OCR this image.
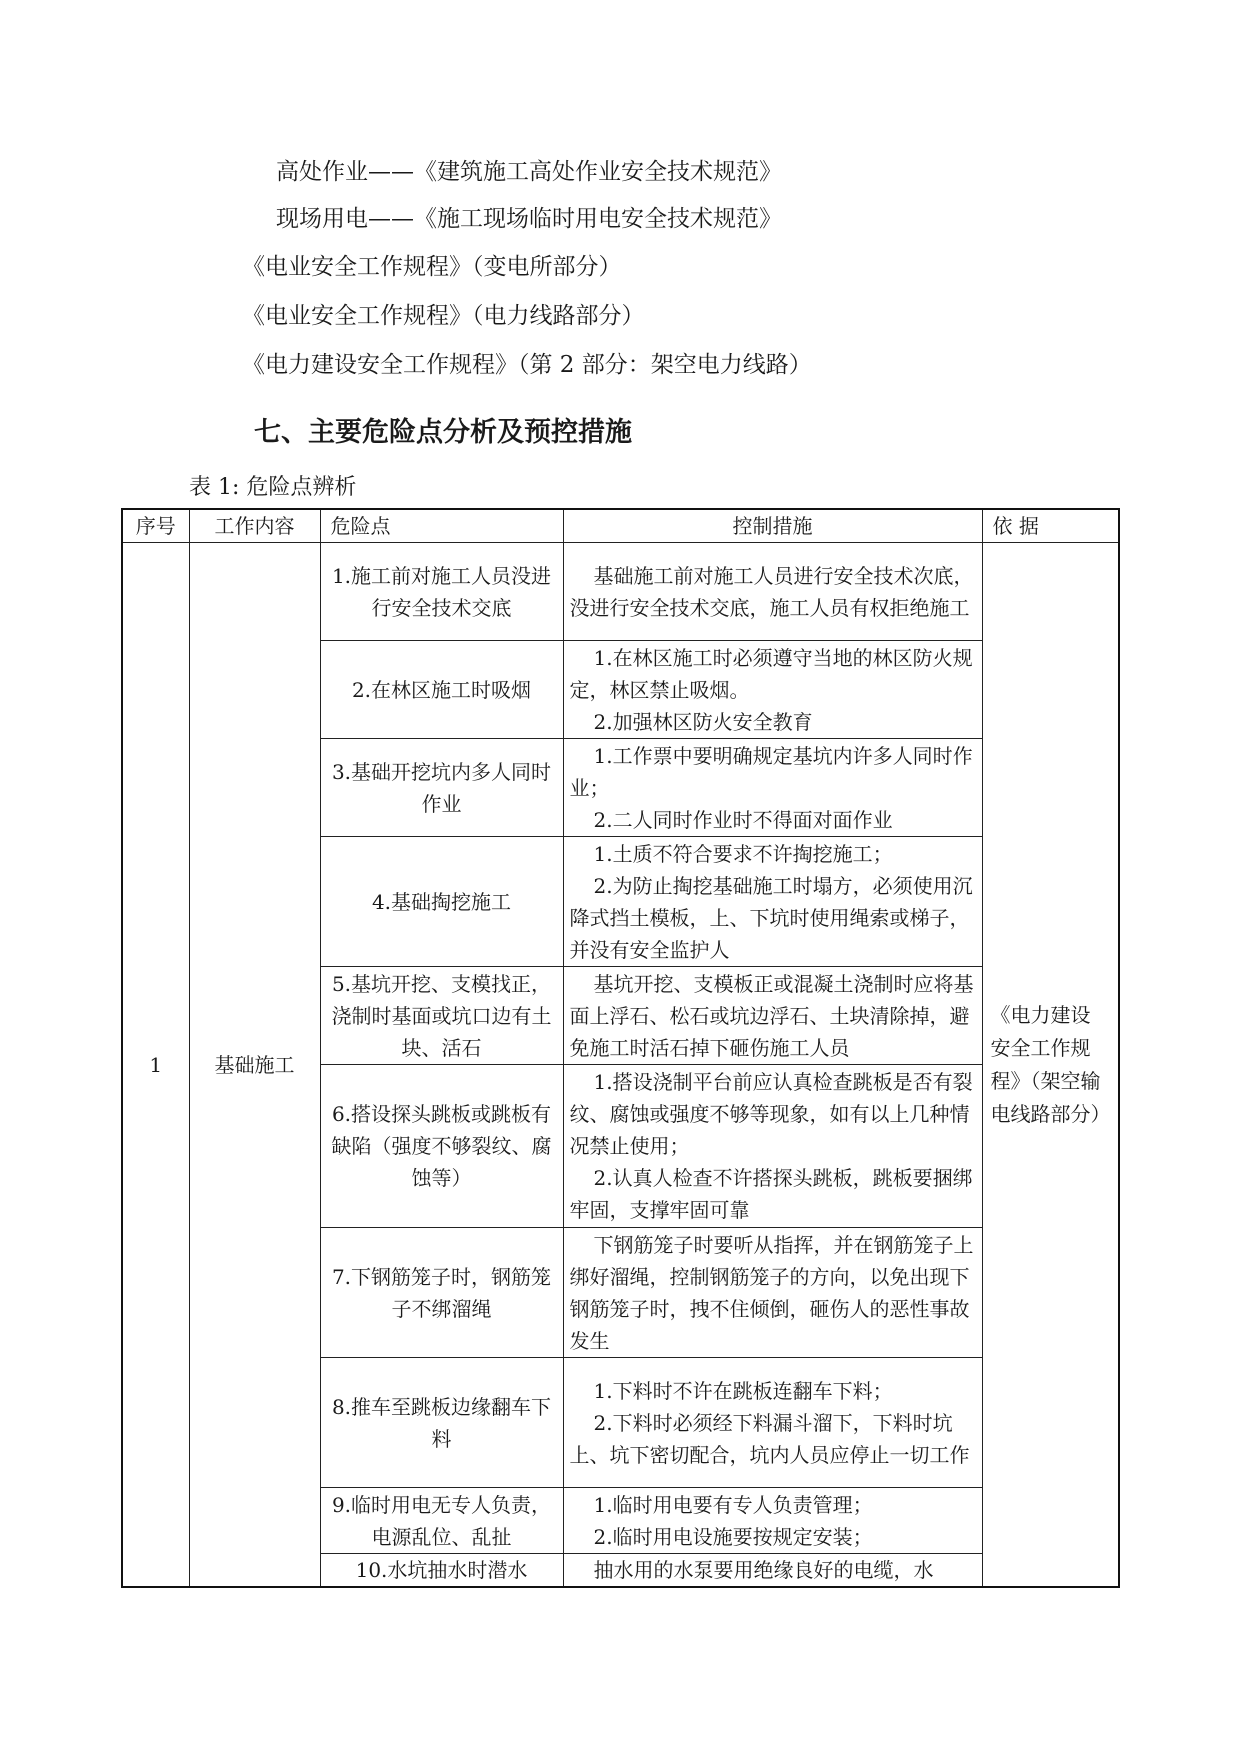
高处作业——《建筑施工高处作业安全技术规范》
现场用电——《施工现场临时用电安全技术规范》
《电业安全工作规程》（变电所部分）
《电业安全工作规程》（电力线路部分）
《电力建设安全工作规程》（第 2 部分：架空电力线路）
七、主要危险点分析及预控措施
表 1: 危险点辨析
序号	工作内容	危险点	控制措施	依 据
1	基础施工	1.施工前对施工人员没进行安全技术交底	基础施工前对施工人员进行安全技术次底，没进行安全技术交底，施工人员有权拒绝施工	《电力建设安全工作规程》（架空输电线路部分）

		2.在林区施工时吸烟	1.在林区施工时必须遵守当地的林区防火规定，林区禁止吸烟。
2.加强林区防火安全教育	

		3.基础开挖坑内多人同时作业	1.工作票中要明确规定基坑内许多人同时作业；
2.二人同时作业时不得面对面作业	

		4.基础掏挖施工	1.土质不符合要求不许掏挖施工；
2.为防止掏挖基础施工时塌方，必须使用沉降式挡土模板，上、下坑时使用绳索或梯子，并没有安全监护人	

		5.基坑开挖、支模找正，浇制时基面或坑口边有土块、活石	基坑开挖、支模板正或混凝土浇制时应将基面上浮石、松石或坑边浮石、土块清除掉，避免施工时活石掉下砸伤施工人员	

		6.搭设探头跳板或跳板有缺陷（强度不够裂纹、腐蚀等）	1.搭设浇制平台前应认真检查跳板是否有裂纹、腐蚀或强度不够等现象，如有以上几种情况禁止使用；
2.认真人检查不许搭探头跳板，跳板要捆绑牢固，支撑牢固可靠	

		7.下钢筋笼子时，钢筋笼子不绑溜绳	下钢筋笼子时要听从指挥，并在钢筋笼子上绑好溜绳，控制钢筋笼子的方向，以免出现下钢筋笼子时，拽不住倾倒，砸伤人的恶性事故发生	

		8.推车至跳板边缘翻车下料	1.下料时不许在跳板连翻车下料；
2.下料时必须经下料漏斗溜下，下料时坑上、坑下密切配合，坑内人员应停止一切工作	

		9.临时用电无专人负责，电源乱位、乱扯	1.临时用电要有专人负责管理；
2.临时用电设施要按规定安装；	

		10.水坑抽水时潜水	抽水用的水泵要用绝缘良好的电缆，水	
